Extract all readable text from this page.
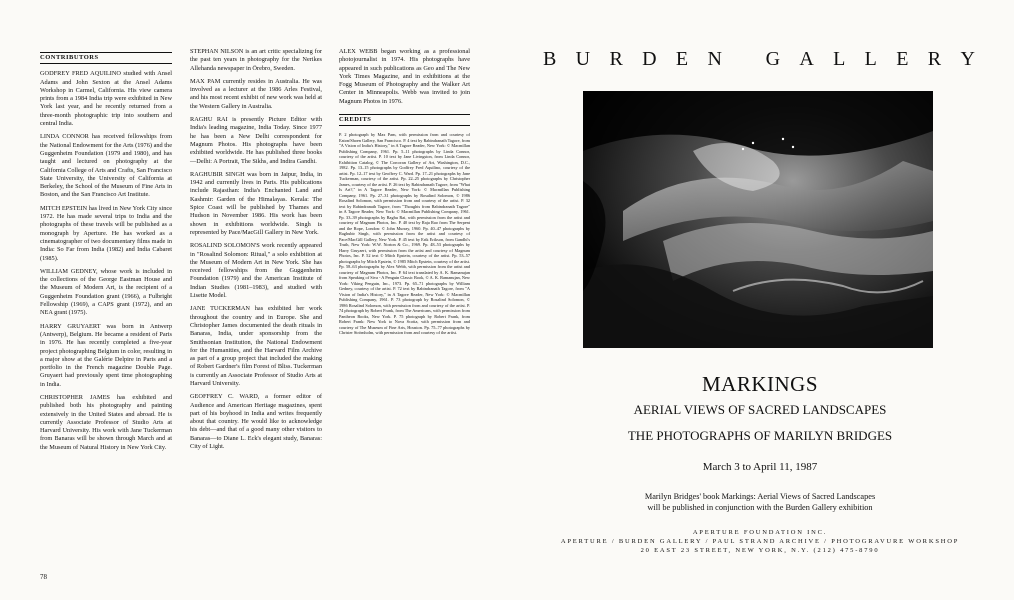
CONTRIBUTORS

GODFREY FRED AQUILINO studied with Ansel Adams and John Sexton at the Ansel Adams Workshop in Carmel, California. His view camera prints from a 1984 India trip were exhibited in New York last year, and he recently returned from a three-month photographic trip into southern and central India.

LINDA CONNOR has received fellowships from the National Endowment for the Arts (1976) and the Guggenheim Foundation (1979 and 1980), and has taught and lectured on photography at the California College of Arts and Crafts, San Francisco State University, the University of California at Berkeley, the School of the Museum of Fine Arts in Boston, and the San Francisco Art Institute.

MITCH EPSTEIN has lived in New York City since 1972. He has made several trips to India and the photographs of these travels will be published as a monograph by Aperture. He has worked as a cinematographer of two documentary films made in India: So Far from India (1982) and India Cabaret (1985).

WILLIAM GEDNEY, whose work is included in the collections of the George Eastman House and the Museum of Modern Art, is the recipient of a Guggenheim Foundation grant (1966), a Fulbright Fellowship (1969), a CAPS grant (1972), and an NEA grant (1975).

HARRY GRUYAERT was born in Antwerp (Antwerp), Belgium. He became a resident of Paris in 1976. He has recently completed a five-year project photographing Belgium in color, resulting in a major show at the Galérie Delpire in Paris and a portfolio in the French magazine Double Page. Gruyaert had previously spent time photographing in India.

CHRISTOPHER JAMES has exhibited and published both his photography and painting extensively in the United States and abroad. He is currently Associate Professor of Studio Arts at Harvard University. His work with Jane Tuckerman from Banaras will be shown through March and at the Museum of Natural History in New York City.

STEPHAN NILSON is an art critic specializing for the past ten years in photography for the Nerikes Allehanda newspaper in Örebro, Sweden.

MAX PAM currently resides in Australia. He was involved as a lecturer at the 1986 Arles Festival, and his most recent exhibit of new work was held at the Western Gallery in Australia.

RAGHU RAI is presently Picture Editor with India's leading magazine, India Today. Since 1977 he has been a New Delhi correspondent for Magnum Photos. His photographs have been exhibited worldwide. He has published three books—Delhi: A Portrait, The Sikhs, and Indira Gandhi.

RAGHUBIR SINGH was born in Jaipur, India, in 1942 and currently lives in Paris. His publications include Rajasthan: India's Enchanted Land and Kashmir: Garden of the Himalayas. Kerala: The Spice Coast will be published by Thames and Hudson in November 1986. His work has been shown in exhibitions worldwide. Singh is represented by Pace/MacGill Gallery in New York.

ROSALIND SOLOMON'S work recently appeared in "Rosalind Solomon: Ritual," a solo exhibition at the Museum of Modern Art in New York. She has received fellowships from the Guggenheim Foundation (1979) and the American Institute of Indian Studies (1981–1983), and studied with Lisette Model.

JANE TUCKERMAN has exhibited her work throughout the country and in Europe. She and Christopher James documented the death rituals in Banaras, India, under sponsorship from the Smithsonian Institution, the National Endowment for the Humanities, and the Harvard Film Archive as part of a group project that included the making of Robert Gardner's film Forest of Bliss. Tuckerman is currently an Associate Professor of Studio Arts at Harvard University.

GEOFFREY C. WARD, a former editor of Audience and American Heritage magazines, spent part of his boyhood in India and writes frequently about that country. He would like to acknowledge his debt—and that of a good many other visitors to Banaras—to Diane L. Eck's elegant study, Banaras: City of Light.

ALEX WEBB began working as a professional photojournalist in 1974. His photographs have appeared in such publications as Geo and The New York Times Magazine, and in exhibitions at the Fogg Museum of Photography and the Walker Art Center in Minneapolis. Webb was invited to join Magnum Photos in 1976.

CREDITS
P. 2 photograph by Max Pam, with permission from and courtesy of Eaton/Shoen Gallery, San Francisco. P. 4 text by Rabindranath Tagore, from "A Vision of India's History," in A Tagore Reader, New York: © Macmillan Publishing Company, 1961. Pp. 5–11 photographs by Linda Connor, courtesy of the artist. P. 10 text by Jane Livingston, from Linda Connor, Exhibition Catalog, © The Corcoran Gallery of Art, Washington, D.C., 1982. Pp. 13–15 photographs by Godfrey Fred Aquilino, courtesy of the artist. Pp. 12–17 text by Geoffrey C. Ward. Pp. 17–21 photographs by Jane Tuckerman, courtesy of the artist. Pp. 22–25 photographs by Christopher James, courtesy of the artist. P. 26 text by Rabindranath Tagore, from "What Is Art?," in A Tagore Reader, New York: © Macmillan Publishing Company, 1961. Pp. 27–31 photographs by Rosalind Solomon, © 1986 Rosalind Solomon, with permission from and courtesy of the artist. P. 32 text by Rabindranath Tagore, from "Thoughts from Rabindranath Tagore" in A Tagore Reader, New York: © Macmillan Publishing Company, 1961. Pp. 33–39 photographs by Raghu Rai, with permission from the artist and courtesy of Magnum Photos, Inc. P. 40 text by Raja Rao from The Serpent and the Rope, London: © John Murray, 1960. Pp. 40–47 photographs by Raghubir Singh, with permission from the artist and courtesy of Pace/MacGill Gallery, New York. P. 45 text by Erik Erikson, from Gandhi's Truth, New York: W.W. Norton & Co., 1969. Pp. 48–53 photographs by Harry Gruyaert, with permission from the artist and courtesy of Magnum Photos, Inc. P. 52 text © Mitch Epstein, courtesy of the artist. Pp. 53–57 photographs by Mitch Epstein, © 1985 Mitch Epstein, courtesy of the artist. Pp. 58–63 photographs by Alex Webb, with permission from the artist and courtesy of Magnum Photos, Inc. P. 64 text translated by A. K. Ramanujan from Speaking of Siva - A Penguin Classic Book, © A. K. Ramanujan, New York: Viking Penguin, Inc., 1973. Pp. 65–71 photographs by William Gedney, courtesy of the artist. P. 72 text by Rabindranath Tagore, from "A Vision of India's History," in A Tagore Reader, New York: © Macmillan Publishing Company, 1961. P. 73 photograph by Rosalind Solomon, © 1986 Rosalind Solomon, with permission from and courtesy of the artist. P. 74 photograph by Robert Frank, from The Americans, with permission from Pantheon Books, New York. P. 75 photograph by Robert Frank, from Robert Frank: New York to Nova Scotia, with permission from and courtesy of The Museum of Fine Arts, Houston. Pp. 75–77 photographs by Christer Strömholm, with permission from and courtesy of the artist.
78
B U R D E N
G A L L E R Y
MARKINGS
AERIAL VIEWS OF SACRED LANDSCAPES
THE PHOTOGRAPHS OF MARILYN BRIDGES
March 3 to April 11, 1987
Marilyn Bridges' book Markings: Aerial Views of Sacred Landscapes
will be published in conjunction with the Burden Gallery exhibition
APERTURE FOUNDATION INC.
APERTURE / BURDEN GALLERY / PAUL STRAND ARCHIVE / PHOTOGRAVURE WORKSHOP
20 EAST 23 STREET, NEW YORK, N.Y. (212) 475-8790
